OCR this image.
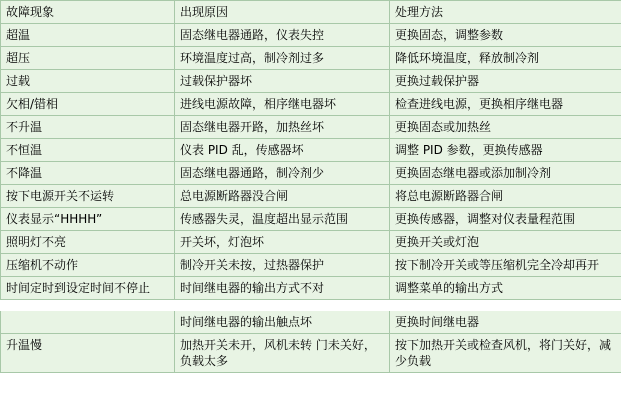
故障现象	出现原因	处理方法
超温	固态继电器通路，仪表失控	更换固态，调整参数
超压	环境温度过高，制冷剂过多	降低环境温度，释放制冷剂
过载	过载保护器坏	更换过载保护器
欠相/错相	进线电源故障，相序继电器坏	检查进线电源，更换相序继电器
不升温	固态继电器开路，加热丝坏	更换固态或加热丝
不恒温	仪表 PID 乱，传感器坏	调整 PID 参数，更换传感器
不降温	固态继电器通路，制冷剂少	更换固态继电器或添加制冷剂
按下电源开关不运转	总电源断路器没合闸	将总电源断路器合闸
仪表显示“HHHH”	传感器失灵，温度超出显示范围	更换传感器，调整对仪表量程范围
照明灯不亮	开关坏，灯泡坏	更换开关或灯泡
压缩机不动作	制冷开关未按，过热器保护	按下制冷开关或等压缩机完全冷却再开
时间定时到设定时间不停止	时间继电器的输出方式不对	调整菜单的输出方式

	时间继电器的输出触点坏	更换时间继电器
升温慢	加热开关未开，风机未转 门未关好，负载太多	按下加热开关或检查风机，将门关好，减少负载
